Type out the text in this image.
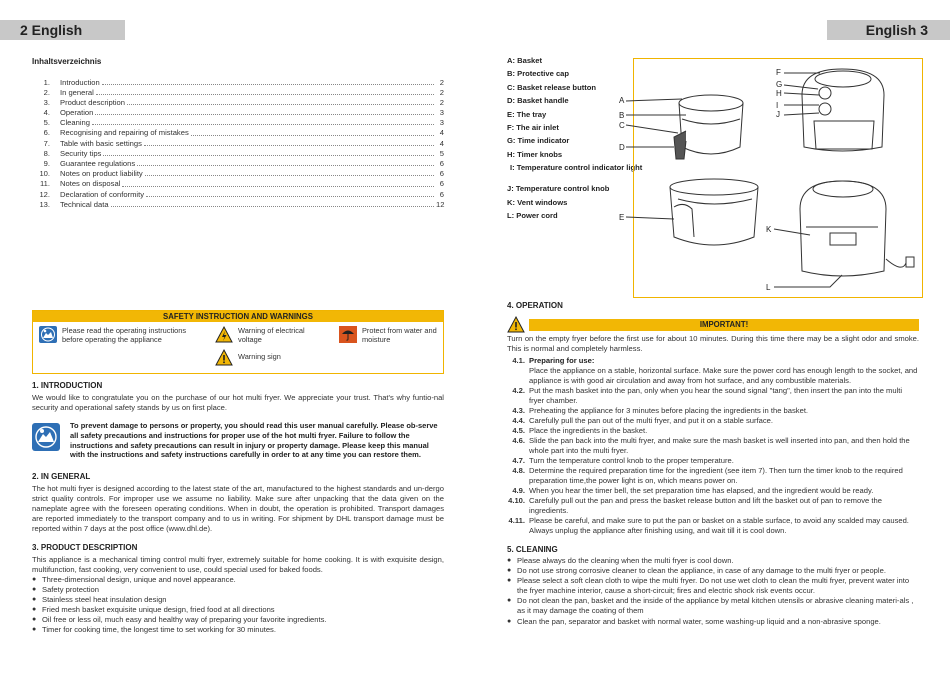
2 English
Inhaltsverzeichnis
1.	Introduction	2
2.	In general	2
3.	Product description	2
4.	Operation	3
5.	Cleaning	3
6.	Recognising and repairing of mistakes	4
7.	Table with basic settings	4
8.	Security tips	5
9.	Guarantee regulations	6
10.	Notes on product liability	6
11.	Notes on disposal	6
12.	Declaration of conformity	6
13.	Technical data	12
SAFETY INSTRUCTION AND WARNINGS
Please read the operating instructions before operating the appliance
Warning of electrical voltage
Protect from water and moisture
Warning sign
1. INTRODUCTION
We would like to congratulate you on the purchase of our hot multi fryer. We appreciate your trust. That's why funtio-nal security and operational safety stands by us on first place.
To prevent damage to persons or property, you should read this user manual carefully. Please ob-serve all safety precautions and instructions for proper use of the hot multi fryer. Failure to follow the instructions and safety precautions can result in injury or property damage. Please keep this manual with the instructions and safety instructions carefully in order to at any time you can restore them.
2. IN GENERAL
The hot multi fryer is designed according to the latest state of the art, manufactured to the highest standards and un-dergo strict quality controls. For improper use we assume no liability. Make sure after unpacking that the data given on the nameplate agree with the foreseen operating conditions. When in doubt, the operation is prohibited. Transport damages are reported immediately to the transport company and to us in writing. For shipment by DHL transport damage must be reported within 7 days at the post office (www.dhl.de).
3. PRODUCT DESCRIPTION
This appliance is a mechanical timing control multi fryer, extremely suitable for home cooking. It is with exquisite design, multifunction, fast cooking, very convenient to use, could special used for baked foods.
● Three-dimensional design, unique and novel appearance.
● Safety protection
● Stainless steel heat insulation design
● Fried mesh basket exquisite unique design, fried food at all directions
● Oil free or less oil, much easy and healthy way of preparing your favorite ingredients.
● Timer for cooking time, the longest time to set working for 30 minutes.
English 3
A: Basket
B: Protective cap
C: Basket release button
D: Basket handle
E: The tray
F: The air inlet
G: Time indicator
H: Timer knobs
I: Temperature control indicator light
J: Temperature control knob
K: Vent windows
L: Power cord
A
B
C
D
E
F
G
H
I
J
K
L
4. OPERATION
IMPORTANT!
Turn on the empty fryer before the first use for about 10 minutes. During this time there may be a slight odor and smoke. This is normal and completely harmless.
4.1. Preparing for use:
Place the appliance on a stable, horizontal surface. Make sure the power cord has enough length to the socket, and appliance is with good air circulation and away from hot surface, and any combustible materials.
4.2. Put the mash basket into the pan, only when you hear the sound signal "tang", then insert the pan into the multi fryer chamber.
4.3. Preheating the appliance for 3 minutes before placing the ingredients in the basket.
4.4. Carefully pull the pan out of the multi fryer, and put it on a stable surface.
4.5. Place the ingredients in the basket.
4.6. Slide the pan back into the multi fryer, and make sure the mash basket is well inserted into pan, and then hold the whole part into the multi fryer.
4.7. Turn the temperature control knob to the proper temperature.
4.8. Determine the required preparation time for the ingredient (see item 7). Then turn the timer knob to the required preparation time,the power light is on, which means power on.
4.9. When you hear the timer bell, the set preparation time has elapsed, and the ingredient would be ready.
4.10. Carefully pull out the pan and press the basket release button and lift the basket out of pan to remove the ingredients.
4.11. Please be careful, and make sure to put the pan or basket on a stable surface, to avoid any scalded may caused. Always unplug the appliance after finishing using, and wait till it is cool down.
5. CLEANING
● Please always do the cleaning when the multi fryer is cool down.
● Do not use strong corrosive cleaner to clean the appliance, in case of any damage to the multi fryer or people.
● Please select a soft clean cloth to wipe the multi fryer. Do not use wet cloth to clean the multi fryer, prevent water into the fryer machine interior, cause a short-circuit; fires and electric shock risk events occur.
● Do not clean the pan, basket and the inside of the appliance by metal kitchen utensils or abrasive cleaning materi-als , as it may damage the coating of them
● Clean the pan, separator and basket with normal water, some washing-up liquid and a non-abrasive sponge.
